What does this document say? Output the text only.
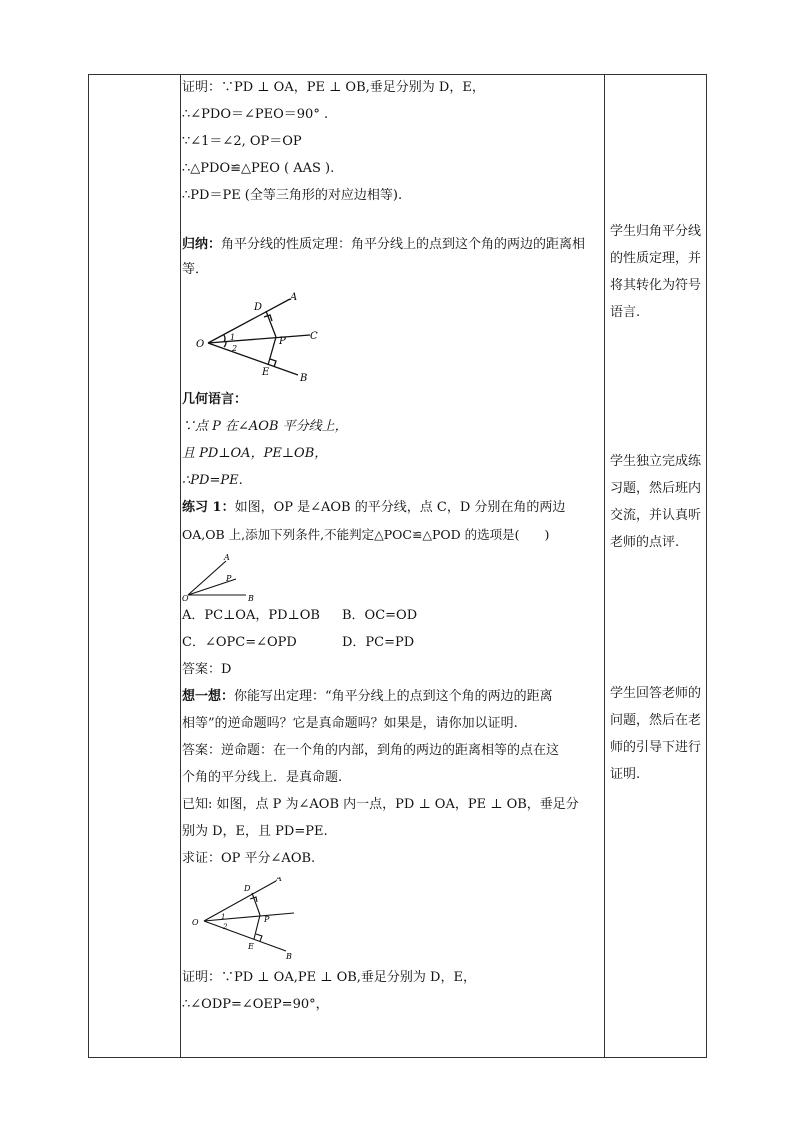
证明：∵PD ⊥ OA，PE ⊥ OB,垂足分别为 D，E，
∴∠PDO＝∠PEO＝90° .
∵∠1＝∠2, OP＝OP
∴△PDO≌△PEO ( AAS ).
∴PD＝PE (全等三角形的对应边相等).
归纳：角平分线的性质定理：角平分线上的点到这个角的两边的距离相等．
O
D
A
C
P
E
B
1
2
几何语言：
∵点 P 在∠AOB 平分线上，
且 PD⊥OA，PE⊥OB，
∴PD=PE.
练习 1：如图，OP 是∠AOB 的平分线，点 C，D 分别在角的两边
OA,OB 上,添加下列条件,不能判定△POC≌△POD 的选项是(　　)
A
P
O	B
A．PC⊥OA，PD⊥OB B．OC=OD
C．∠OPC=∠OPD	D．PC=PD
答案：D
想一想：你能写出定理：“角平分线上的点到这个角的两边的距离
相等”的逆命题吗？它是真命题吗？如果是，请你加以证明.
答案：逆命题：在一个角的内部，到角的两边的距离相等的点在这
个角的平分线上．是真命题.
已知: 如图，点 P 为∠AOB 内一点，PD ⊥ OA，PE ⊥ OB，垂足分
别为 D，E，且 PD=PE.
求证：OP 平分∠AOB.
O
D
A
P
E
B
1
2
证明：∵PD ⊥ OA,PE ⊥ OB,垂足分别为 D，E，
∴∠ODP=∠OEP=90°，
学生归角平分线的性质定理，并将其转化为符号语言.
学生独立完成练习题，然后班内交流，并认真听老师的点评.
学生回答老师的问题，然后在老师的引导下进行证明.
